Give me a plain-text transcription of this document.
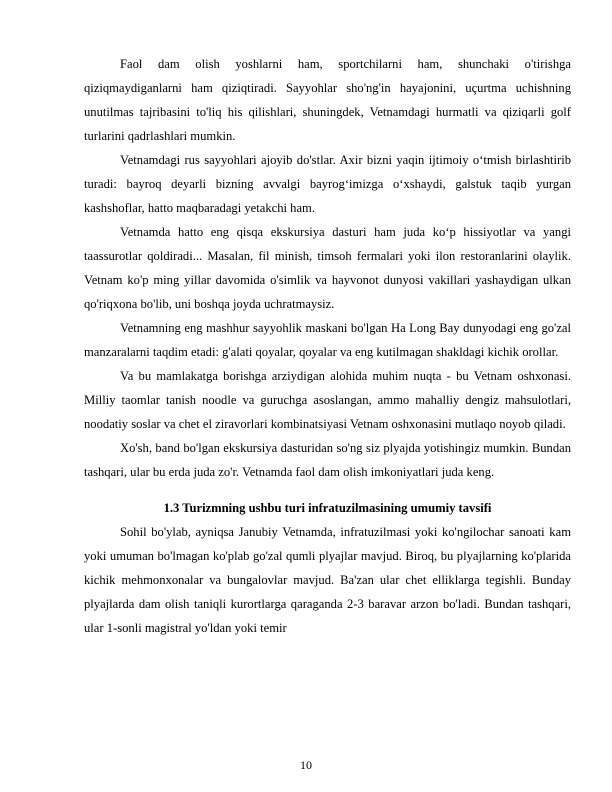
Faol dam olish yoshlarni ham, sportchilarni ham, shunchaki o'tirishga qiziqmaydiganlarni ham qiziqtiradi. Sayyohlar sho'ng'in hayajonini, uçurtma uchishning unutilmas tajribasini to'liq his qilishlari, shuningdek, Vetnamdagi hurmatli va qiziqarli golf turlarini qadrlashlari mumkin.

Vetnamdagi rus sayyohlari ajoyib do'stlar. Axir bizni yaqin ijtimoiy o‘tmish birlashtirib turadi: bayroq deyarli bizning avvalgi bayrog‘imizga o‘xshaydi, galstuk taqib yurgan kashshoflar, hatto maqbaradagi yetakchi ham.

Vetnamda hatto eng qisqa ekskursiya dasturi ham juda ko‘p hissiyotlar va yangi taassurotlar qoldiradi... Masalan, fil minish, timsoh fermalari yoki ilon restoranlarini olaylik. Vetnam ko'p ming yillar davomida o'simlik va hayvonot dunyosi vakillari yashaydigan ulkan qo'riqxona bo'lib, uni boshqa joyda uchratmaysiz.

Vetnamning eng mashhur sayyohlik maskani bo'lgan Ha Long Bay dunyodagi eng go'zal manzaralarni taqdim etadi: g'alati qoyalar, qoyalar va eng kutilmagan shakldagi kichik orollar.

Va bu mamlakatga borishga arziydigan alohida muhim nuqta - bu Vetnam oshxonasi. Milliy taomlar tanish noodle va guruchga asoslangan, ammo mahalliy dengiz mahsulotlari, noodatiy soslar va chet el ziravorlari kombinatsiyasi Vetnam oshxonasini mutlaqo noyob qiladi.

Xo'sh, band bo'lgan ekskursiya dasturidan so'ng siz plyajda yotishingiz mumkin. Bundan tashqari, ular bu erda juda zo'r. Vetnamda faol dam olish imkoniyatlari juda keng.

1.3 Turizmning ushbu turi infratuzilmasining umumiy tavsifi

Sohil bo'ylab, ayniqsa Janubiy Vetnamda, infratuzilmasi yoki ko'ngilochar sanoati kam yoki umuman bo'lmagan ko'plab go'zal qumli plyajlar mavjud. Biroq, bu plyajlarning ko'plarida kichik mehmonxonalar va bungalovlar mavjud. Ba'zan ular chet elliklarga tegishli. Bunday plyajlarda dam olish taniqli kurortlarga qaraganda 2-3 baravar arzon bo'ladi. Bundan tashqari, ular 1-sonli magistral yo'ldan yoki temir

10
